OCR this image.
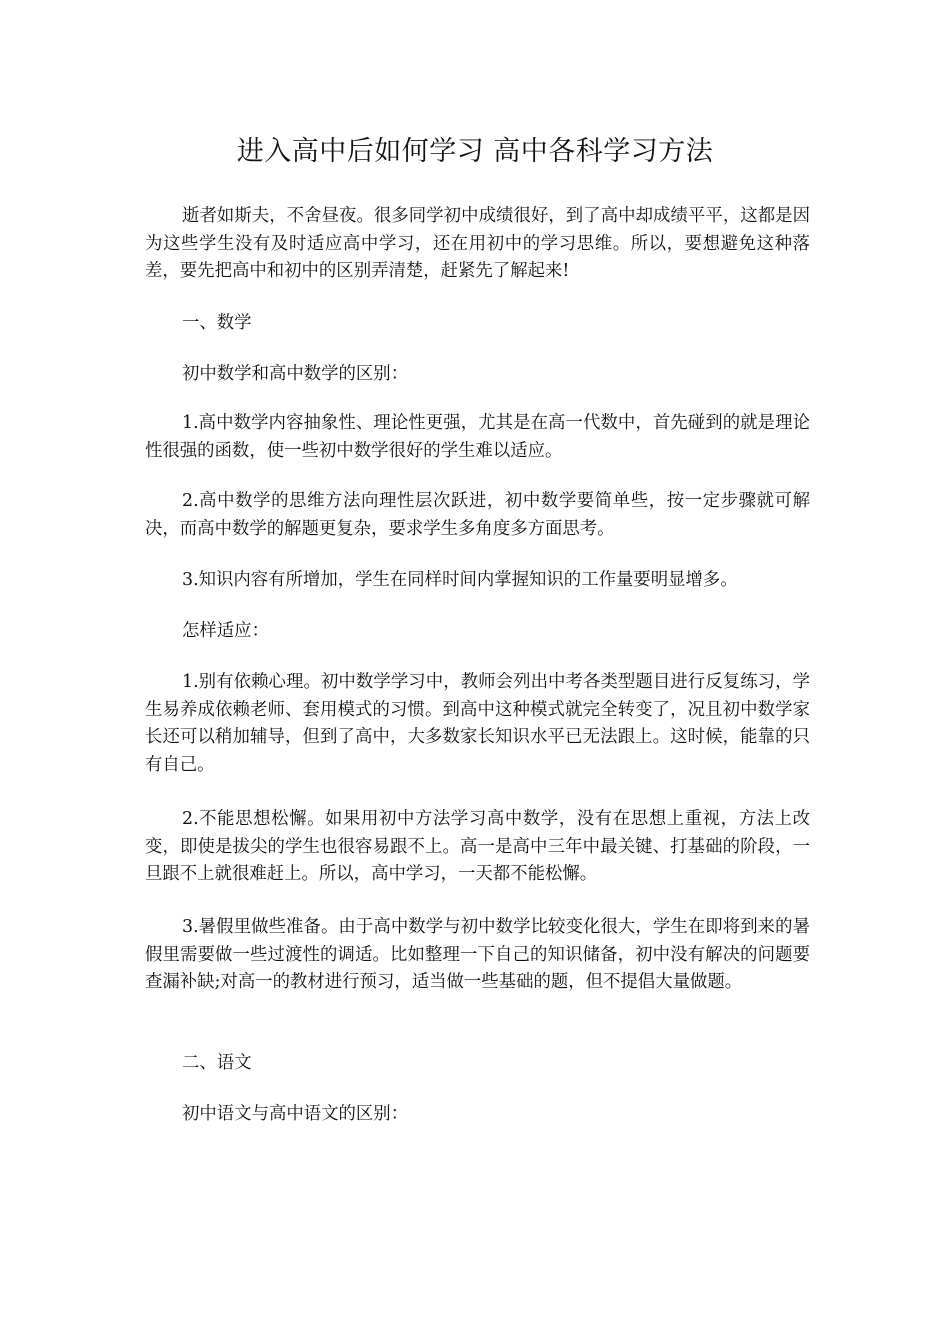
进入高中后如何学习 高中各科学习方法

逝者如斯夫，不舍昼夜。很多同学初中成绩很好，到了高中却成绩平平，这都是因为这些学生没有及时适应高中学习，还在用初中的学习思维。所以，要想避免这种落差，要先把高中和初中的区别弄清楚，赶紧先了解起来!

一、数学

初中数学和高中数学的区别：

1.高中数学内容抽象性、理论性更强，尤其是在高一代数中，首先碰到的就是理论性很强的函数，使一些初中数学很好的学生难以适应。

2.高中数学的思维方法向理性层次跃进，初中数学要简单些，按一定步骤就可解决，而高中数学的解题更复杂，要求学生多角度多方面思考。

3.知识内容有所增加，学生在同样时间内掌握知识的工作量要明显增多。

怎样适应：

1.别有依赖心理。初中数学学习中，教师会列出中考各类型题目进行反复练习，学生易养成依赖老师、套用模式的习惯。到高中这种模式就完全转变了，况且初中数学家长还可以稍加辅导，但到了高中，大多数家长知识水平已无法跟上。这时候，能靠的只有自己。

2.不能思想松懈。如果用初中方法学习高中数学，没有在思想上重视，方法上改变，即使是拔尖的学生也很容易跟不上。高一是高中三年中最关键、打基础的阶段，一旦跟不上就很难赶上。所以，高中学习，一天都不能松懈。

3.暑假里做些准备。由于高中数学与初中数学比较变化很大，学生在即将到来的暑假里需要做一些过渡性的调适。比如整理一下自己的知识储备，初中没有解决的问题要查漏补缺;对高一的教材进行预习，适当做一些基础的题，但不提倡大量做题。

二、语文

初中语文与高中语文的区别：
